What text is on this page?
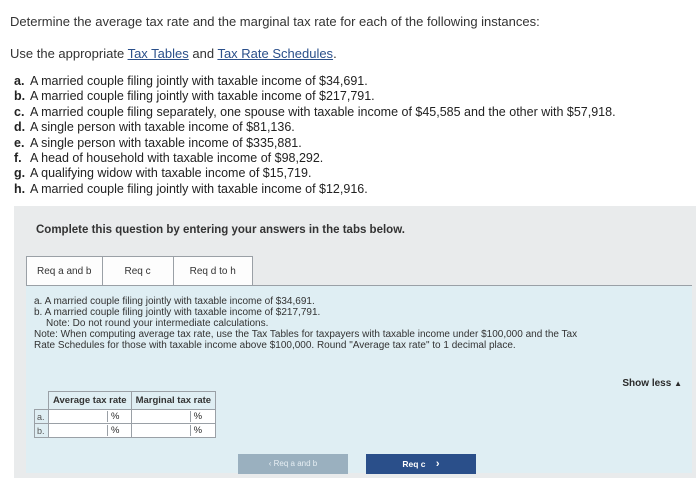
Determine the average tax rate and the marginal tax rate for each of the following instances:
Use the appropriate Tax Tables and Tax Rate Schedules.
a. A married couple filing jointly with taxable income of $34,691.
b. A married couple filing jointly with taxable income of $217,791.
c. A married couple filing separately, one spouse with taxable income of $45,585 and the other with $57,918.
d. A single person with taxable income of $81,136.
e. A single person with taxable income of $335,881.
f. A head of household with taxable income of $98,292.
g. A qualifying widow with taxable income of $15,719.
h. A married couple filing jointly with taxable income of $12,916.
Complete this question by entering your answers in the tabs below.
Req a and b	Req c	Req d to h
a. A married couple filing jointly with taxable income of $34,691.
b. A married couple filing jointly with taxable income of $217,791.
Note: Do not round your intermediate calculations.
Note: When computing average tax rate, use the Tax Tables for taxpayers with taxable income under $100,000 and the Tax
Rate Schedules for those with taxable income above $100,000. Round "Average tax rate" to 1 decimal place.
Show less ▲
	Average tax rate	Marginal tax rate
a.	%	%

b.	%	%
‹ Req a and b	Req c ›
